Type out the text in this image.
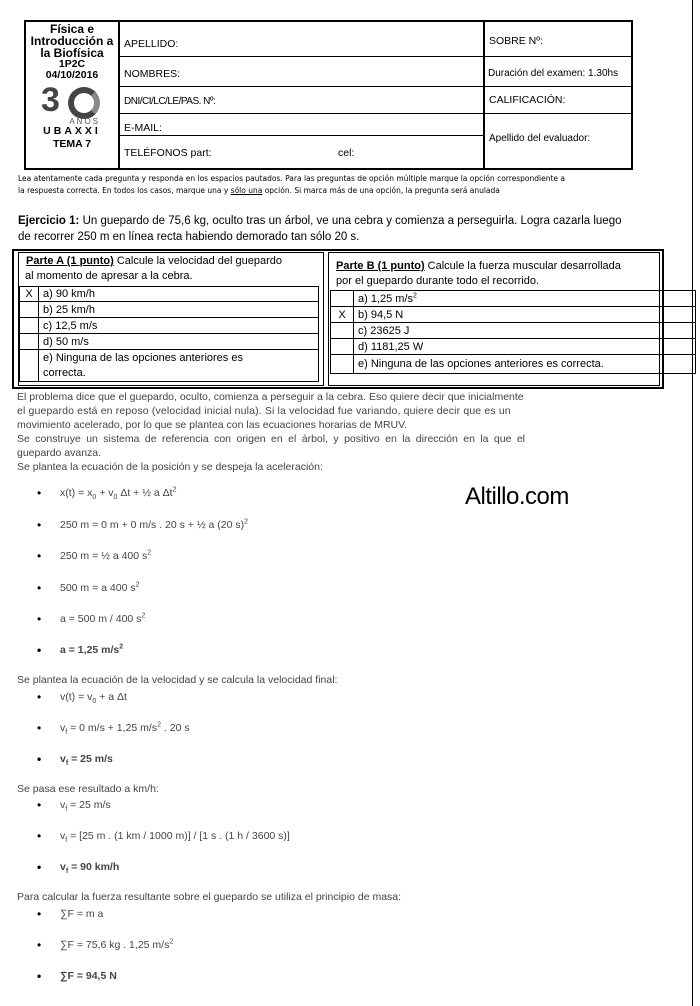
Física e Introducción a la Biofísica
1P2C
04/10/2016
3
AÑOS
UBAXXI
TEMA 7
APELLIDO:
NOMBRES:
DNI/CI/LC/LE/PAS. Nº:
E-MAIL:
TELÉFONOS part:	cel:
SOBRE Nº:
Duración del examen: 1.30hs
CALIFICACIÓN:
Apellido del evaluador:
Lea atentamente cada pregunta y responda en los espacios pautados. Para las preguntas de opción múltiple marque la opción correspondiente a
la respuesta correcta. En todos los casos, marque una y sólo una opción. Si marca más de una opción, la pregunta será anulada
Ejercicio 1: Un guepardo de 75,6 kg, oculto tras un árbol, ve una cebra y comienza a perseguirla. Logra cazarla luego
de recorrer 250 m en línea recta habiendo demorado tan sólo 20 s.
Parte A (1 punto) Calcule la velocidad del guepardo
al momento de apresar a la cebra.
X	a) 90 km/h
	b) 25 km/h
	c) 12,5 m/s
	d) 50 m/s

	e) Ninguna de las opciones anteriores es
correcta.
Parte B (1 punto) Calcule la fuerza muscular desarrollada
por el guepardo durante todo el recorrido.
	a) 1,25 $m/s^2$
X	b) 94,5 N
	c) 23625 J
	d) 1181,25 W
	e) Ninguna de las opciones anteriores es correcta.
El problema dice que el guepardo, oculto, comienza a perseguir a la cebra. Eso quiere decir que inicialmente
el guepardo está en reposo (velocidad inicial nula). Si la velocidad fue variando, quiere decir que es un
movimiento acelerado, por lo que se plantea con las ecuaciones horarias de MRUV.
Se construye un sistema de referencia con origen en el árbol, y positivo en la dirección en la que el
guepardo avanza.
Se plantea la ecuación de la posición y se despeja la aceleración:
Altillo.com
• $x(t) = x_0 + v_0$ Δt + ½ a $\Delta t^2$
• 250 m = 0 m + 0 m/s . 20 s + ½ a (20 s)$^2$
• 250 m = ½ a 400 $s^2$
• 500 m = a 400 $s^2$
• a = 500 m / 400 $s^2$
• a = 1,25 $m/s^2$
Se plantea la ecuación de la velocidad y se calcula la velocidad final:
• $v(t) = v_0 + a$ Δt
• $v_f = 0$ m/s + 1,25 $m/s^2$ . 20 s
• $v_f = 25$ m/s
Se pasa ese resultado a km/h:
• $v_f = 25$ m/s
• $v_f = [25$ m . (1 km / 1000 m)] / [1 s . (1 h / 3600 s)]
• $v_f = 90$ km/h
Para calcular la fuerza resultante sobre el guepardo se utiliza el principio de masa:
• ∑F = m a
• ∑F = 75,6 kg . 1,25 $m/s^2$
• ∑F = 94,5 N
